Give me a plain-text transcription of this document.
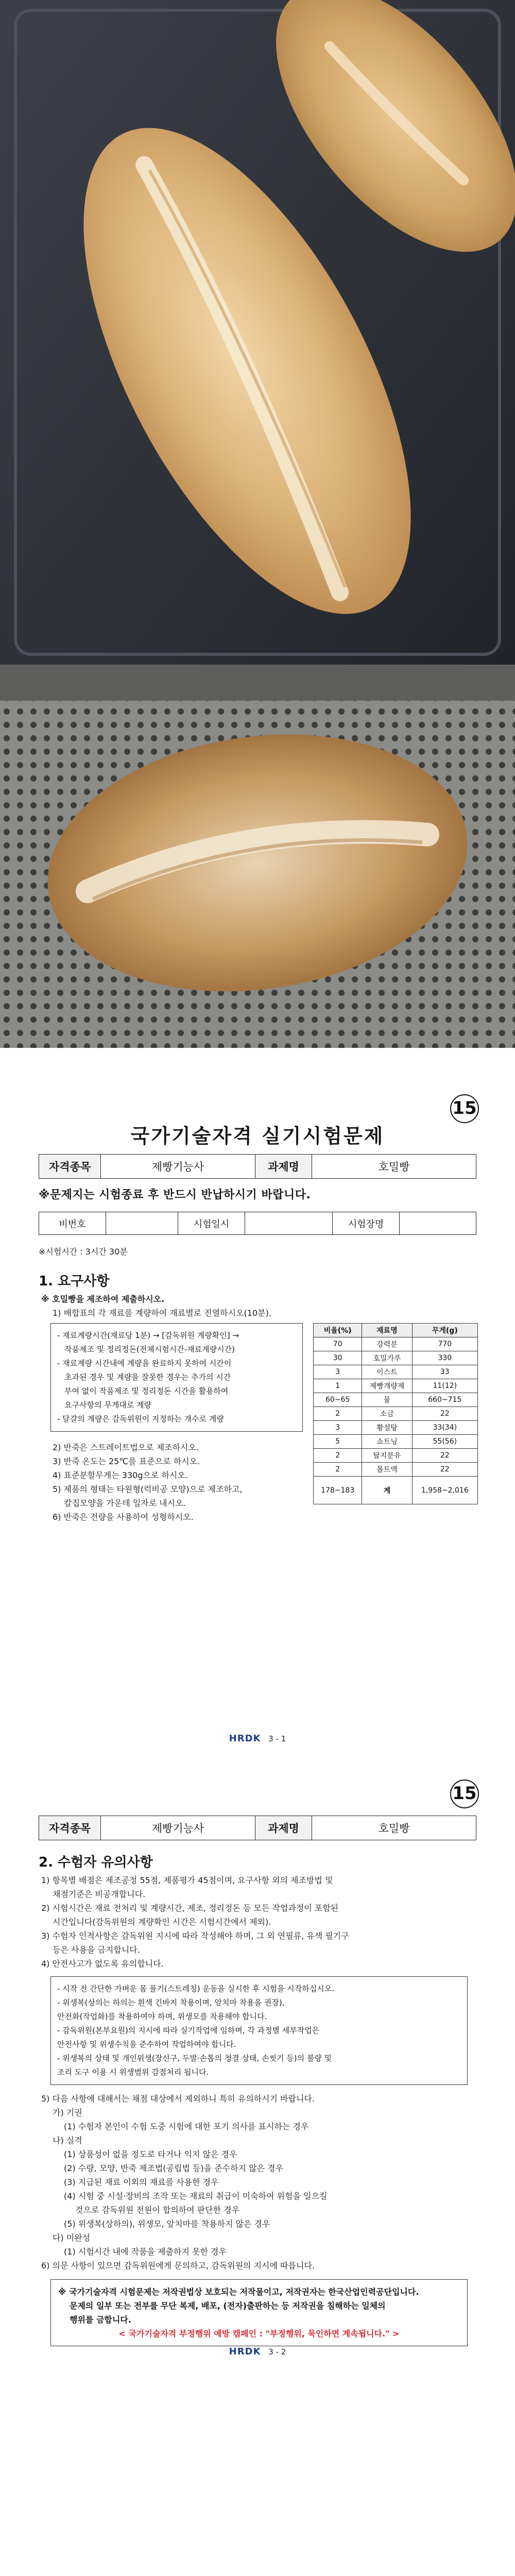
15
국가기술자격 실기시험문제
자격종목	제빵기능사	과제명	호밀빵
※문제지는 시험종료 후 반드시 반납하시기 바랍니다.
비번호		시험일시		시험장명	
※시험시간 : 3시간 30분
1. 요구사항

※ 호밀빵을 제조하여 제출하시오.

1) 배합표의 각 재료를 계량하여 재료별로 진열하시오(10분).

- 재료계량시간(재료당 1분) → [감독위원 계량확인] →

작품제조 및 정리정돈(전체시험시간-재료계량시간)

- 재료계량 시간내에 계량을 완료하지 못하여 시간이

초과된 경우 및 계량을 잘못한 경우는 추가의 시간

부여 없이 작품제조 및 정리정돈 시간을 활용하여

요구사항의 무게대로 계량

- 달걀의 계량은 감독위원이 지정하는 개수로 계량

2) 반죽은 스트레이트법으로 제조하시오.

3) 반죽 온도는 25℃를 표준으로 하시오.

4) 표준분할무게는 330g으로 하시오.

5) 제품의 형태는 타원형(럭비공 모양)으로 제조하고,

칼집모양을 가운데 일자로 내시오.

6) 반죽은 전량을 사용하여 성형하시오.

비율(%)	재료명	무게(g)
70	강력분	770
30	호밀가루	330
3	이스트	33
1	제빵개량제	11(12)
60~65	물	660~715
2	소금	22
3	황설탕	33(34)
5	쇼트닝	55(56)
2	탈지분유	22
2	몰트액	22
178~183	계	1,958~2,016
HRDK 3 - 1
15
자격종목	제빵기능사	과제명	호밀빵
2. 수험자 유의사항

1) 항목별 배점은 제조공정 55점, 제품평가 45점이며, 요구사항 외의 제조방법 및

채점기준은 비공개합니다.

2) 시험시간은 재료 전처리 및 계량시간, 제조, 정리정돈 등 모든 작업과정이 포함된

시간입니다(감독위원의 계량확인 시간은 시험시간에서 제외).

3) 수험자 인적사항은 감독위원 지시에 따라 작성해야 하며, 그 외 연필류, 유색 필기구

등은 사용을 금지합니다.

4) 안전사고가 없도록 유의합니다.

- 시작 전 간단한 가벼운 몸 풀기(스트레칭) 운동을 실시한 후 시험을 시작하십시오.

- 위생복(상의는 하의는 흰색 긴바지 착용이며, 앞치마 착용을 권장),

안전화(작업화)를 착용하여야 하며, 위생모를 착용해야 합니다.

- 감독위원(본부요원)의 지시에 따라 실기작업에 임하며, 각 과정별 세부작업은

안전사항 및 위생수칙을 준수하여 작업하여야 합니다.

- 위생복의 상태 및 개인위생(장신구, 두발·손톱의 청결 상태, 손씻기 등)의 불량 및

조리 도구 이용 시 위생범위 감점처리 됩니다.

5) 다음 사항에 대해서는 채점 대상에서 제외하니 특히 유의하시기 바랍니다.

가) 기권

(1) 수험자 본인이 수험 도중 시험에 대한 포기 의사를 표시하는 경우

나) 실격

(1) 상품성이 없을 정도로 타거나 익지 않은 경우

(2) 수량, 모양, 반죽 제조법(공립법 등)을 준수하지 않은 경우

(3) 지급된 재료 이외의 재료를 사용한 경우

(4) 시험 중 시설·장비의 조작 또는 재료의 취급이 미숙하여 위험을 일으킬

것으로 감독위원 전원이 합의하여 판단한 경우

(5) 위생복(상하의), 위생모, 앞치마를 착용하지 않은 경우

다) 미완성

(1) 시험시간 내에 작품을 제출하지 못한 경우

6) 의문 사항이 있으면 감독위원에게 문의하고, 감독위원의 지시에 따릅니다.

※ 국가기술자격 시험문제는 저작권법상 보호되는 저작물이고, 저작권자는 한국산업인력공단입니다.

문제의 일부 또는 전부를 무단 복제, 배포, (전자)출판하는 등 저작권을 침해하는 일체의

행위를 금합니다.

< 국가기술자격 부정행위 예방 캠페인 : "부정행위, 묵인하면 계속됩니다." >

HRDK 3 - 2
